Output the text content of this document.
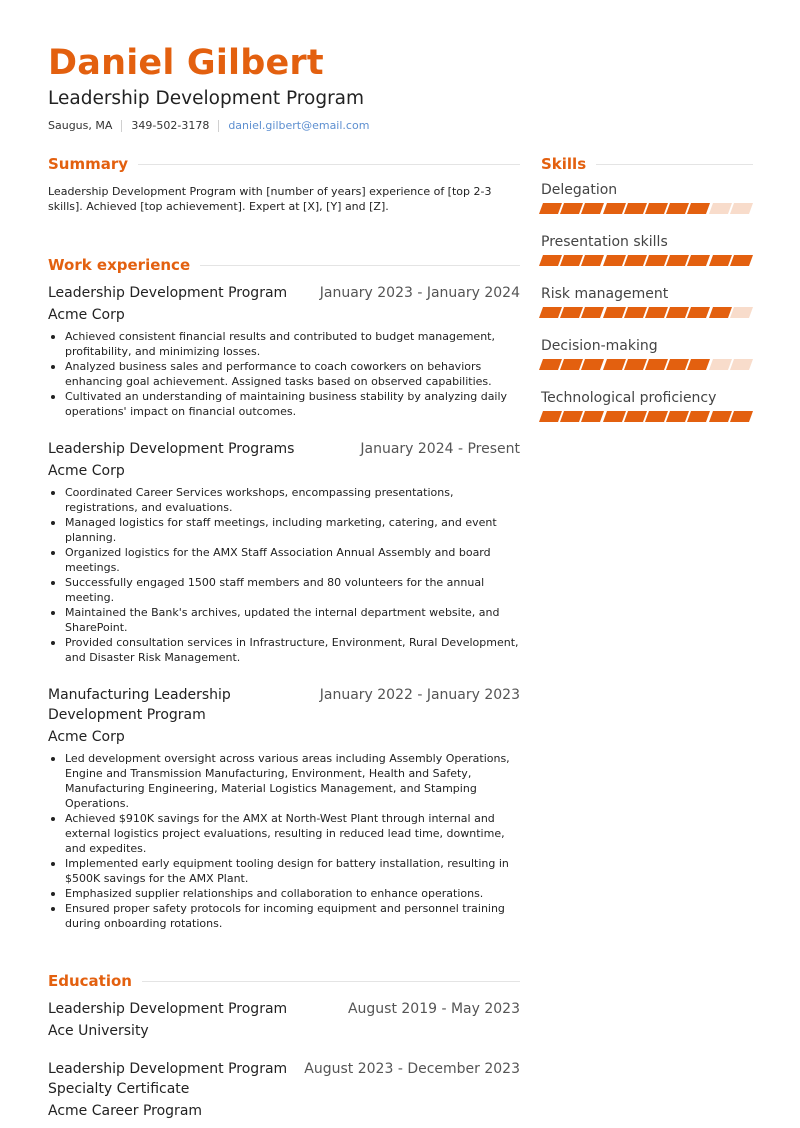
Daniel Gilbert
Leadership Development Program
Saugus, MA 349-502-3178 daniel.gilbert@email.com
Summary

Leadership Development Program with [number of years] experience of [top 2-3 skills]. Achieved [top achievement]. Expert at [X], [Y] and [Z].

Work experience
Leadership Development Program	January 2023 - January 2024
Acme Corp
Achieved consistent financial results and contributed to budget management, profitability, and minimizing losses.
Analyzed business sales and performance to coach coworkers on behaviors enhancing goal achievement. Assigned tasks based on observed capabilities.
Cultivated an understanding of maintaining business stability by analyzing daily operations' impact on financial outcomes.
Leadership Development Programs	January 2024 - Present
Acme Corp
Coordinated Career Services workshops, encompassing presentations, registrations, and evaluations.
Managed logistics for staff meetings, including marketing, catering, and event planning.
Organized logistics for the AMX Staff Association Annual Assembly and board meetings.
Successfully engaged 1500 staff members and 80 volunteers for the annual meeting.
Maintained the Bank's archives, updated the internal department website, and SharePoint.
Provided consultation services in Infrastructure, Environment, Rural Development, and Disaster Risk Management.
Manufacturing Leadership Development Program
January 2022 - January 2023
Acme Corp
Led development oversight across various areas including Assembly Operations, Engine and Transmission Manufacturing, Environment, Health and Safety, Manufacturing Engineering, Material Logistics Management, and Stamping Operations.
Achieved $910K savings for the AMX at North-West Plant through internal and external logistics project evaluations, resulting in reduced lead time, downtime, and expedites.
Implemented early equipment tooling design for battery installation, resulting in $500K savings for the AMX Plant.
Emphasized supplier relationships and collaboration to enhance operations.
Ensured proper safety protocols for incoming equipment and personnel training during onboarding rotations.
Education
Leadership Development Program	August 2019 - May 2023
Ace University
Leadership Development Program Specialty Certificate
August 2023 - December 2023
Acme Career Program
Skills
Delegation
Presentation skills
Risk management
Decision-making
Technological proficiency
